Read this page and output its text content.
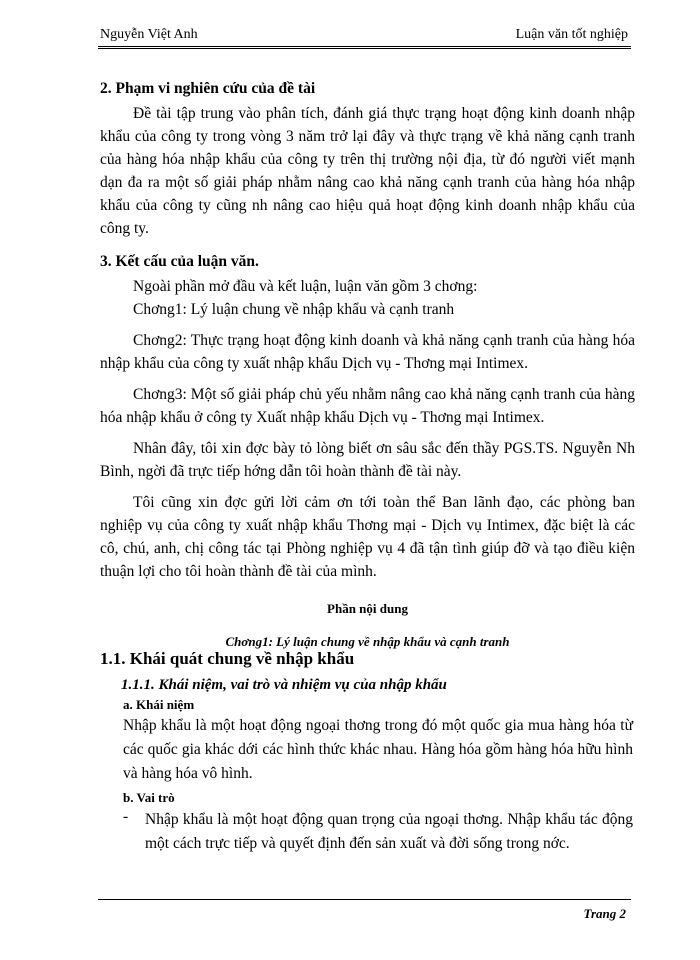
Nguyễn Việt Anh	Luận văn tốt nghiệp

2. Phạm vi nghiên cứu của đề tài

Đề tài tập trung vào phân tích, đánh giá thực trạng hoạt động kinh doanh nhập khẩu của công ty trong vòng 3 năm trở lại đây và thực trạng về khả năng cạnh tranh của hàng hóa nhập khẩu của công ty trên thị trường nội địa, từ đó người viết mạnh dạn đa ra một số giải pháp nhằm nâng cao khả năng cạnh tranh của hàng hóa nhập khẩu của công ty cũng nh nâng cao hiệu quả hoạt động kinh doanh nhập khẩu của công ty.

3. Kết cấu của luận văn.

Ngoài phần mở đầu và kết luận, luận văn gồm 3 chơng:

Chơng1: Lý luận chung về nhập khẩu và cạnh tranh

Chơng2: Thực trạng hoạt động kinh doanh và khả năng cạnh tranh của hàng hóa nhập khẩu của công ty xuất nhập khẩu Dịch vụ - Thơng mại Intimex.

Chơng3: Một số giải pháp chủ yếu nhằm nâng cao khả năng cạnh tranh của hàng hóa nhập khẩu ở công ty Xuất nhập khẩu Dịch vụ - Thơng mại Intimex.

Nhân đây, tôi xin đợc bày tỏ lòng biết ơn sâu sắc đến thầy PGS.TS. Nguyễn Nh Bình, ngời đã trực tiếp hớng dẫn tôi hoàn thành đề tài này.

Tôi cũng xin đợc gửi lời cảm ơn tới toàn thể Ban lãnh đạo, các phòng ban nghiệp vụ của công ty xuất nhập khẩu Thơng mại - Dịch vụ Intimex, đặc biệt là các cô, chú, anh, chị công tác tại Phòng nghiệp vụ 4 đã tận tình giúp đỡ và tạo điều kiện thuận lợi cho tôi hoàn thành đề tài của mình.

Phần nội dung

Chơng1: Lý luận chung về nhập khẩu và cạnh tranh

1.1. Khái quát chung về nhập khẩu

1.1.1. Khái niệm, vai trò và nhiệm vụ của nhập khẩu

a. Khái niệm

Nhập khẩu là một hoạt động ngoại thơng trong đó một quốc gia mua hàng hóa từ các quốc gia khác dới các hình thức khác nhau. Hàng hóa gồm hàng hóa hữu hình và hàng hóa vô hình.

b. Vai trò

- Nhập khẩu là một hoạt động quan trọng của ngoại thơng. Nhập khẩu tác động một cách trực tiếp và quyết định đến sản xuất và đời sống trong nớc.

Trang 2
